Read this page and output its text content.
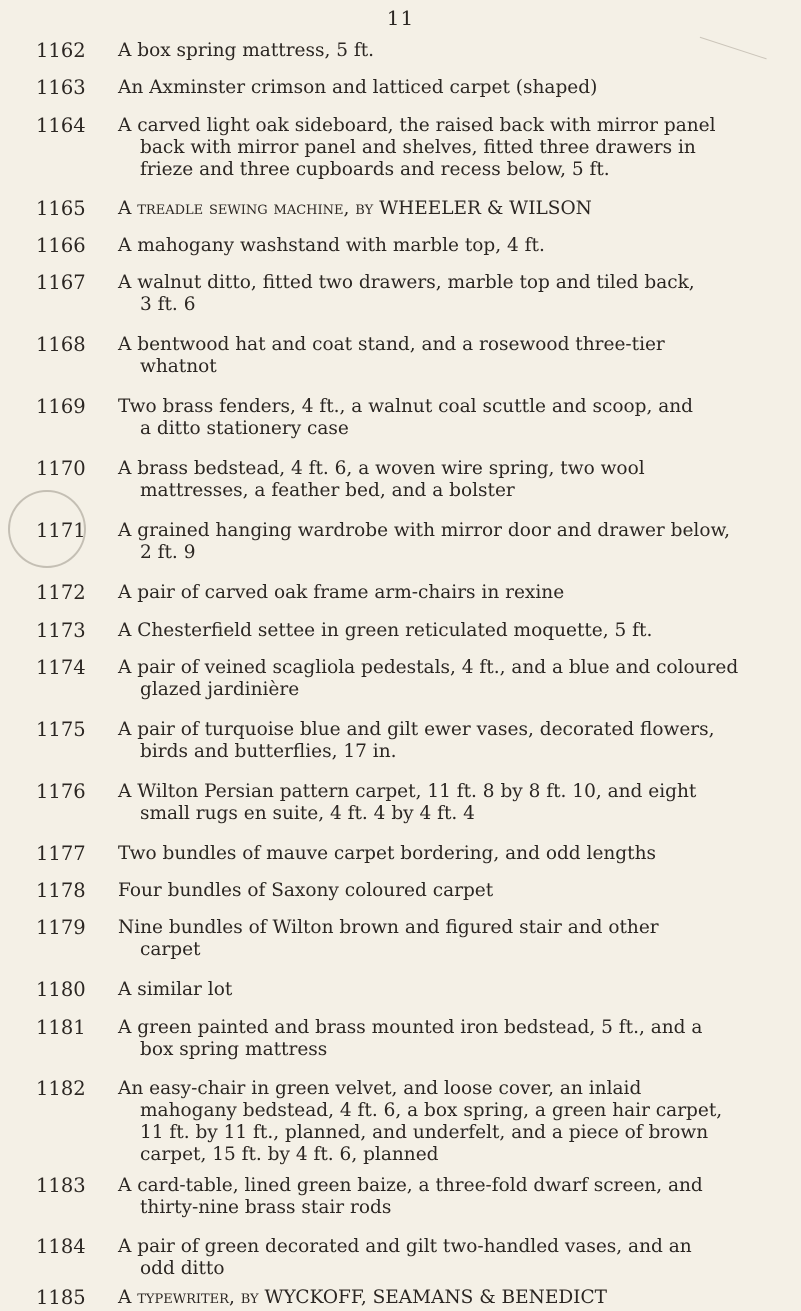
11
1162 A box spring mattress, 5 ft.
1163 An Axminster crimson and latticed carpet (shaped)
1164 A carved light oak sideboard, the raised back with mirror panel
back with mirror panel and shelves, fitted three drawers in
frieze and three cupboards and recess below, 5 ft.
1165 A treadle sewing machine, by WHEELER & WILSON
1166 A mahogany washstand with marble top, 4 ft.
1167 A walnut ditto, fitted two drawers, marble top and tiled back,
3 ft. 6
1168 A bentwood hat and coat stand, and a rosewood three-tier
whatnot
1169 Two brass fenders, 4 ft., a walnut coal scuttle and scoop, and
a ditto stationery case
1170 A brass bedstead, 4 ft. 6, a woven wire spring, two wool
mattresses, a feather bed, and a bolster
1171 A grained hanging wardrobe with mirror door and drawer below,
2 ft. 9
1172 A pair of carved oak frame arm-chairs in rexine
1173 A Chesterfield settee in green reticulated moquette, 5 ft.
1174 A pair of veined scagliola pedestals, 4 ft., and a blue and coloured
glazed jardinière
1175 A pair of turquoise blue and gilt ewer vases, decorated flowers,
birds and butterflies, 17 in.
1176 A Wilton Persian pattern carpet, 11 ft. 8 by 8 ft. 10, and eight
small rugs en suite, 4 ft. 4 by 4 ft. 4
1177 Two bundles of mauve carpet bordering, and odd lengths
1178 Four bundles of Saxony coloured carpet
1179 Nine bundles of Wilton brown and figured stair and other
carpet
1180 A similar lot
1181 A green painted and brass mounted iron bedstead, 5 ft., and a
box spring mattress
1182 An easy-chair in green velvet, and loose cover, an inlaid
mahogany bedstead, 4 ft. 6, a box spring, a green hair carpet,
11 ft. by 11 ft., planned, and underfelt, and a piece of brown
carpet, 15 ft. by 4 ft. 6, planned
1183 A card-table, lined green baize, a three-fold dwarf screen, and
thirty-nine brass stair rods
1184 A pair of green decorated and gilt two-handled vases, and an
odd ditto
1185 A typewriter, by WYCKOFF, SEAMANS & BENEDICT
